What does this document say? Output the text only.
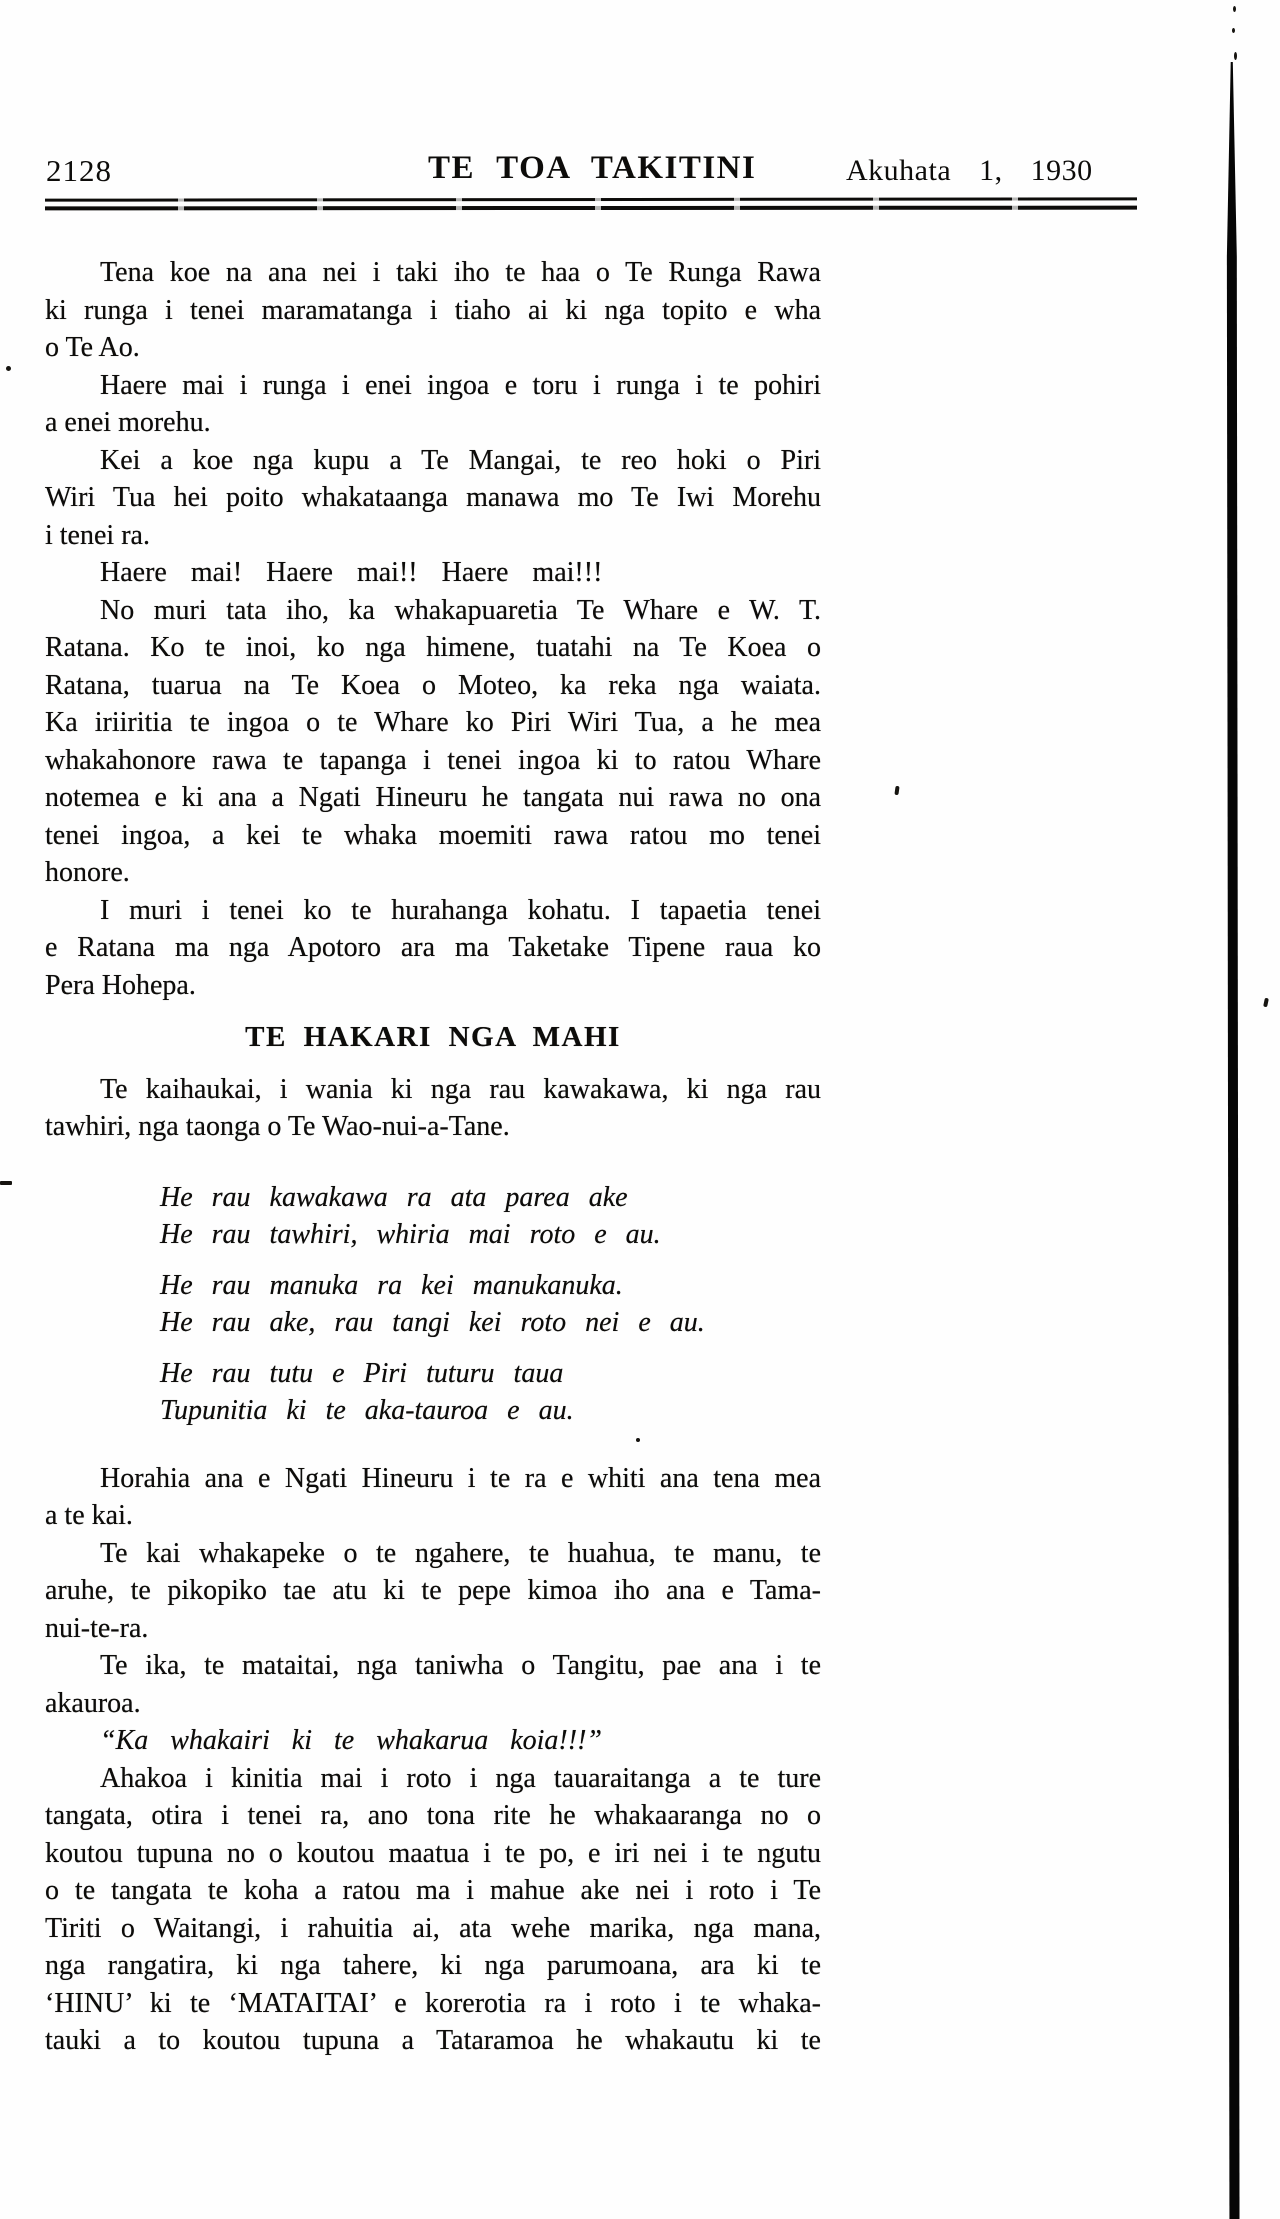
2128	TE TOA TAKITINI	Akuhata 1, 1930
Tena koe na ana nei i taki iho te haa o Te Runga Rawa
ki runga i tenei maramatanga i tiaho ai ki nga topito e wha
o Te Ao.
Haere mai i runga i enei ingoa e toru i runga i te pohiri
a enei morehu.
Kei a koe nga kupu a Te Mangai, te reo hoki o Piri
Wiri Tua hei poito whakataanga manawa mo Te Iwi Morehu
i tenei ra.
Haere mai! Haere mai!! Haere mai!!!
No muri tata iho, ka whakapuaretia Te Whare e W. T.
Ratana. Ko te inoi, ko nga himene, tuatahi na Te Koea o
Ratana, tuarua na Te Koea o Moteo, ka reka nga waiata.
Ka iriiritia te ingoa o te Whare ko Piri Wiri Tua, a he mea
whakahonore rawa te tapanga i tenei ingoa ki to ratou Whare
notemea e ki ana a Ngati Hineuru he tangata nui rawa no ona
tenei ingoa, a kei te whaka moemiti rawa ratou mo tenei
honore.
I muri i tenei ko te hurahanga kohatu. I tapaetia tenei
e Ratana ma nga Apotoro ara ma Taketake Tipene raua ko
Pera Hohepa.
TE HAKARI NGA MAHI
Te kaihaukai, i wania ki nga rau kawakawa, ki nga rau
tawhiri, nga taonga o Te Wao-nui-a-Tane.
He rau kawakawa ra ata parea ake
He rau tawhiri, whiria mai roto e au.
He rau manuka ra kei manukanuka.
He rau ake, rau tangi kei roto nei e au.
He rau tutu e Piri tuturu taua
Tupunitia ki te aka-tauroa e au.
Horahia ana e Ngati Hineuru i te ra e whiti ana tena mea
a te kai.
Te kai whakapeke o te ngahere, te huahua, te manu, te
aruhe, te pikopiko tae atu ki te pepe kimoa iho ana e Tama-
nui-te-ra.
Te ika, te mataitai, nga taniwha o Tangitu, pae ana i te
akauroa.
“Ka whakairi ki te whakarua koia!!!”
Ahakoa i kinitia mai i roto i nga tauaraitanga a te ture
tangata, otira i tenei ra, ano tona rite he whakaaranga no o
koutou tupuna no o koutou maatua i te po, e iri nei i te ngutu
o te tangata te koha a ratou ma i mahue ake nei i roto i Te
Tiriti o Waitangi, i rahuitia ai, ata wehe marika, nga mana,
nga rangatira, ki nga tahere, ki nga parumoana, ara ki te
‘HINU’ ki te ‘MATAITAI’ e korerotia ra i roto i te whaka-
tauki a to koutou tupuna a Tataramoa he whakautu ki te
